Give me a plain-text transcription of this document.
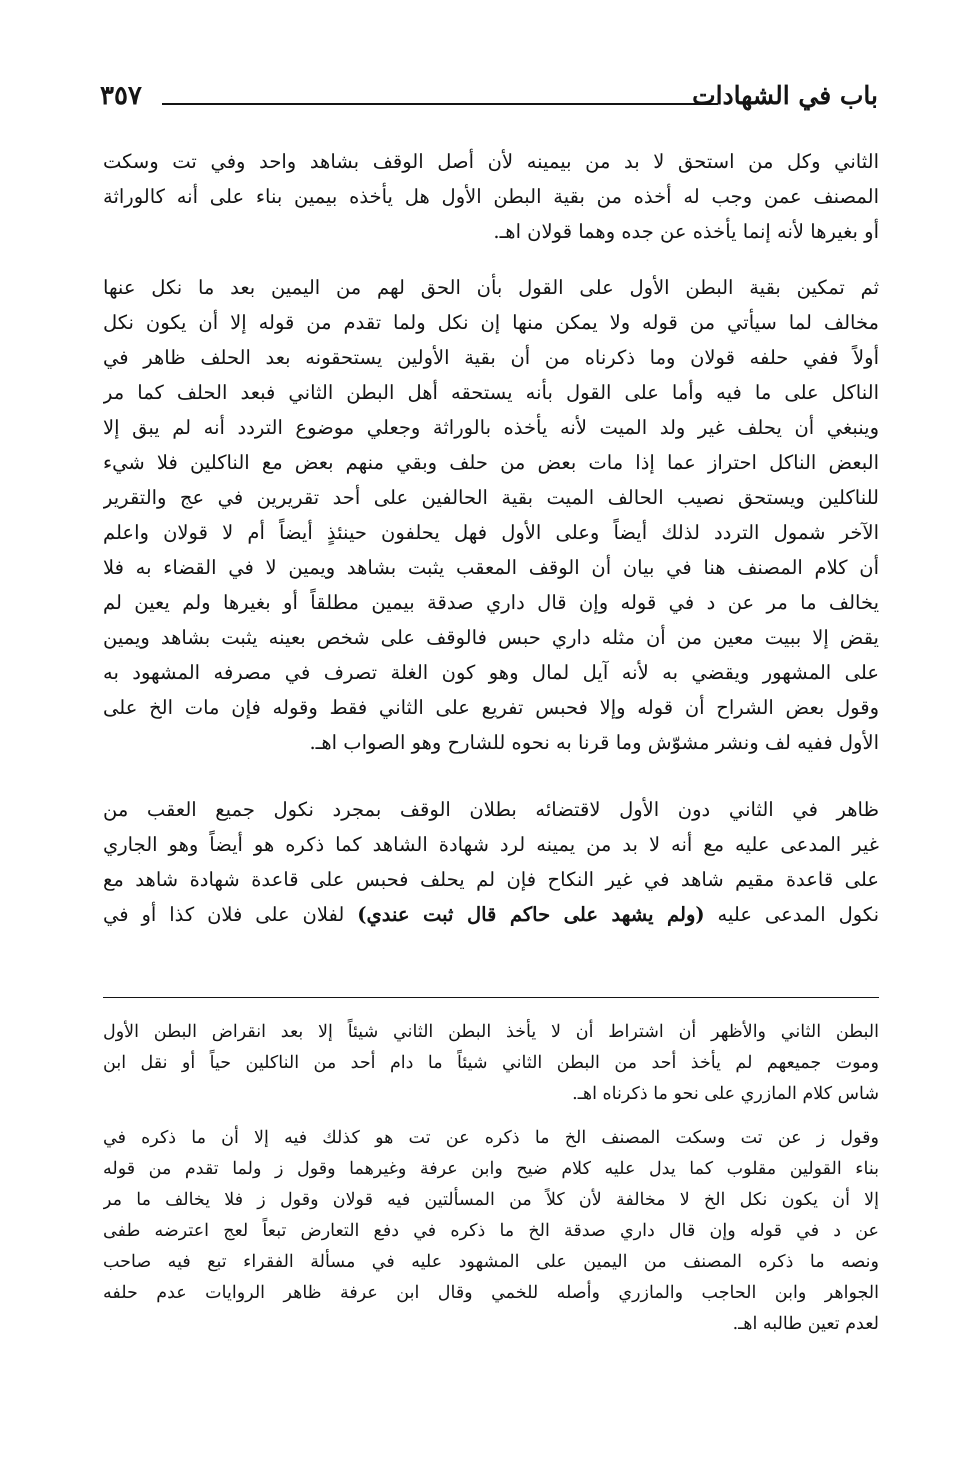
باب في الشهادات
٣٥٧
الثاني وكل من استحق لا بد من بيمينه لأن أصل الوقف بشاهد واحد وفي تت وسكت
المصنف عمن وجب له أخذه من بقية البطن الأول هل يأخذه بيمين بناء على أنه كالوراثة
أو بغيرها لأنه إنما يأخذه عن جده وهما قولان اهـ.
ثم تمكين بقية البطن الأول على القول بأن الحق لهم من اليمين بعد ما نكل عنها
مخالف لما سيأتي من قوله ولا يمكن منها إن نكل ولما تقدم من قوله إلا أن يكون نكل
أولاً ففي حلفه قولان وما ذكرناه من أن بقية الأولين يستحقونه بعد الحلف ظاهر في
الناكل على ما فيه وأما على القول بأنه يستحقه أهل البطن الثاني فبعد الحلف كما مر
وينبغي أن يحلف غير ولد الميت لأنه يأخذه بالوراثة وجعلي موضوع التردد أنه لم يبق إلا
البعض الناكل احتراز عما إذا مات بعض من حلف وبقي منهم بعض مع الناكلين فلا شيء
للناكلين ويستحق نصيب الحالف الميت بقية الحالفين على أحد تقريرين في عج والتقرير
الآخر شمول التردد لذلك أيضاً وعلى الأول فهل يحلفون حينئذٍ أيضاً أم لا قولان واعلم
أن كلام المصنف هنا في بيان أن الوقف المعقب يثبت بشاهد ويمين لا في القضاء به فلا
يخالف ما مر عن د في قوله وإن قال داري صدقة بيمين مطلقاً أو بغيرها ولم يعين لم
يقض إلا ببيت معين من أن مثله داري حبس فالوقف على شخص بعينه يثبت بشاهد ويمين
على المشهور ويقضي به لأنه آيل لمال وهو كون الغلة تصرف في مصرفه المشهود به
وقول بعض الشراح أن قوله وإلا فحبس تفريع على الثاني فقط وقوله فإن مات الخ على
الأول ففيه لف ونشر مشوّش وما قرنا به نحوه للشارح وهو الصواب اهـ.
ظاهر في الثاني دون الأول لاقتضائه بطلان الوقف بمجرد نكول جميع العقب من
غير المدعى عليه مع أنه لا بد من يمينه لرد شهادة الشاهد كما ذكره هو أيضاً وهو الجاري
على قاعدة مقيم شاهد في غير النكاح فإن لم يحلف فحبس على قاعدة شهادة شاهد مع
نكول المدعى عليه (ولم يشهد على حاكم قال ثبت عندي) لفلان على فلان كذا أو في
البطن الثاني والأظهر أن اشتراط أن لا يأخذ البطن الثاني شيئاً إلا بعد انقراض البطن الأول
وموت جميعهم لم يأخذ أحد من البطن الثاني شيئاً ما دام أحد من الناكلين حياً أو نقل ابن
شاس كلام المازري على نحو ما ذكرناه اهـ.
وقول ز عن تت وسكت المصنف الخ ما ذكره عن تت هو كذلك فيه إلا أن ما ذكره في
بناء القولين مقلوب كما يدل عليه كلام ضيح وابن عرفة وغيرهما وقول ز ولما تقدم من قوله
إلا أن يكون نكل الخ لا مخالفة لأن كلاً من المسألتين فيه قولان وقول ز فلا يخالف ما مر
عن د في قوله وإن قال داري صدقة الخ ما ذكره في دفع التعارض تبعاً لعج اعترضه طفى
ونصه ما ذكره المصنف من اليمين على المشهود عليه في مسألة الفقراء تبع فيه صاحب
الجواهر وابن الحاجب والمازري وأصله للخمي وقال ابن عرفة ظاهر الروايات عدم حلفه
لعدم تعين طالبه اهـ.
